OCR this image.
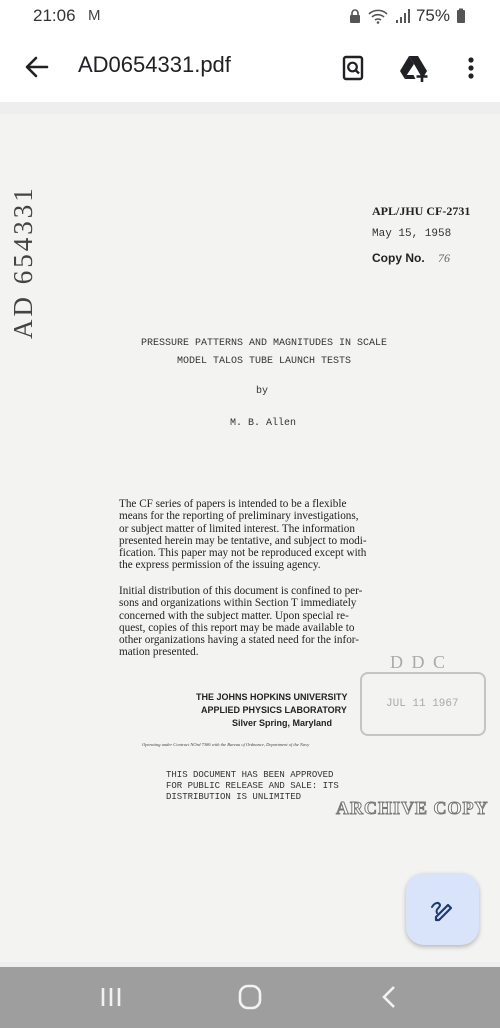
21:06 M	75%
AD0654331.pdf
AD 654331	APL/JHU CF-2731
May 15, 1958
Copy No. 76
PRESSURE PATTERNS AND MAGNITUDES IN SCALE
MODEL TALOS TUBE LAUNCH TESTS
by
M. B. Allen
The CF series of papers is intended to be a flexible
means for the reporting of preliminary investigations,
or subject matter of limited interest. The information
presented herein may be tentative, and subject to modi-
fication. This paper may not be reproduced except with
the express permission of the issuing agency.
Initial distribution of this document is confined to per-
sons and organizations within Section T immediately
concerned with the subject matter. Upon special re-
quest, copies of this report may be made available to
other organizations having a stated need for the infor-
mation presented.	D D C
JUL 11 1967
THE JOHNS HOPKINS UNIVERSITY
APPLIED PHYSICS LABORATORY
Silver Spring, Maryland
Operating under Contract NOrd 7386 with the Bureau of Ordnance, Department of the Navy
THIS DOCUMENT HAS BEEN APPROVED
FOR PUBLIC RELEASE AND SALE: ITS
DISTRIBUTION IS UNLIMITED
ARCHIVE COPY
